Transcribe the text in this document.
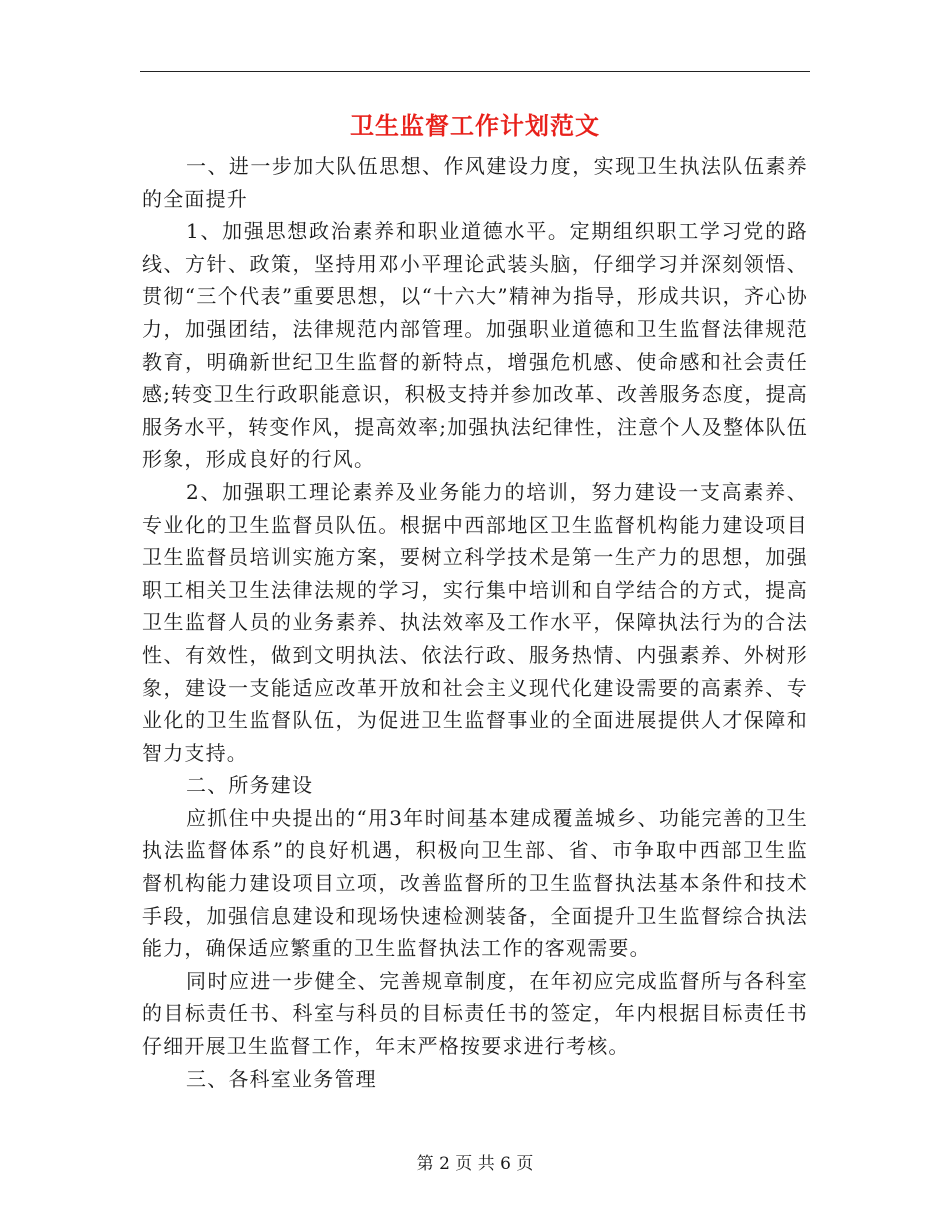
卫生监督工作计划范文

一、进一步加大队伍思想、作风建设力度，实现卫生执法队伍素养的全面提升

1、加强思想政治素养和职业道德水平。定期组织职工学习党的路线、方针、政策，坚持用邓小平理论武装头脑，仔细学习并深刻领悟、贯彻“三个代表”重要思想，以“十六大”精神为指导，形成共识，齐心协力，加强团结，法律规范内部管理。加强职业道德和卫生监督法律规范教育，明确新世纪卫生监督的新特点，增强危机感、使命感和社会责任感;转变卫生行政职能意识，积极支持并参加改革、改善服务态度，提高服务水平，转变作风，提高效率;加强执法纪律性，注意个人及整体队伍形象，形成良好的行风。

2、加强职工理论素养及业务能力的培训，努力建设一支高素养、专业化的卫生监督员队伍。根据中西部地区卫生监督机构能力建设项目卫生监督员培训实施方案，要树立科学技术是第一生产力的思想，加强职工相关卫生法律法规的学习，实行集中培训和自学结合的方式，提高卫生监督人员的业务素养、执法效率及工作水平，保障执法行为的合法性、有效性，做到文明执法、依法行政、服务热情、内强素养、外树形象，建设一支能适应改革开放和社会主义现代化建设需要的高素养、专业化的卫生监督队伍，为促进卫生监督事业的全面进展提供人才保障和智力支持。

二、所务建设

应抓住中央提出的“用3年时间基本建成覆盖城乡、功能完善的卫生执法监督体系”的良好机遇，积极向卫生部、省、市争取中西部卫生监督机构能力建设项目立项，改善监督所的卫生监督执法基本条件和技术手段，加强信息建设和现场快速检测装备，全面提升卫生监督综合执法能力，确保适应繁重的卫生监督执法工作的客观需要。

同时应进一步健全、完善规章制度，在年初应完成监督所与各科室的目标责任书、科室与科员的目标责任书的签定，年内根据目标责任书仔细开展卫生监督工作，年末严格按要求进行考核。

三、各科室业务管理

第 2 页 共 6 页
